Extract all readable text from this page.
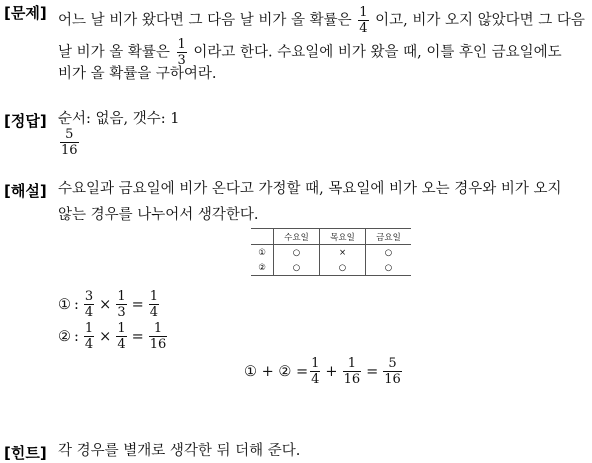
[문제] 어느 날 비가 왔다면 그 다음 날 비가 올 확률은 $\frac{1}{4}$ 이고, 비가 오지 않았다면 그 다음
날 비가 올 확률은 $\frac{1}{3}$ 이라고 한다. 수요일에 비가 왔을 때, 이틀 후인 금요일에도
비가 올 확률을 구하여라.
[정답] 순서: 없음, 갯수: 1
$\frac{5}{16}$
[해설] 수요일과 금요일에 비가 온다고 가정할 때, 목요일에 비가 오는 경우와 비가 오지
않는 경우를 나누어서 생각한다.
	수요일	목요일	금요일
①	○	×	○
②	○	○	○
① : $\frac{3}{4} \times \frac{1}{3} = \frac{1}{4}$
② : $\frac{1}{4} \times \frac{1}{4} = \frac{1}{16}$
① + ② = $\frac{1}{4} + \frac{1}{16} = \frac{5}{16}$
[힌트] 각 경우를 별개로 생각한 뒤 더해 준다.
